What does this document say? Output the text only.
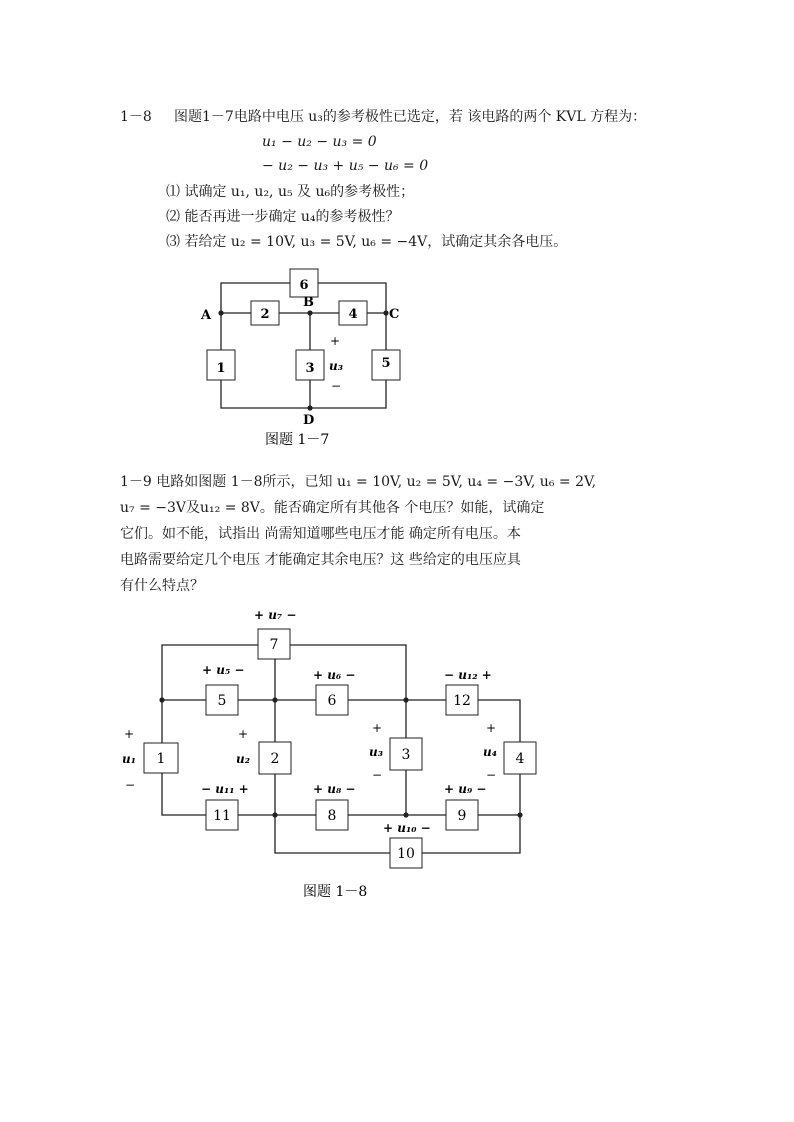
1－8 图题1－7电路中电压 u₃的参考极性已选定，若 该电路的两个 KVL 方程为：
u₁ − u₂ − u₃ = 0
− u₂ − u₃ + u₅ − u₆ = 0
⑴ 试确定 u₁, u₂, u₅ 及 u₆的参考极性；
⑵ 能否再进一步确定 u₄的参考极性？
⑶ 若给定 u₂ = 10V, u₃ = 5V, u₆ = −4V，试确定其余各电压。
6
2	4
1	3	5
A
B
C
D
+
u₃
−
图题 1－7
1－9 电路如图题 1－8所示，已知 u₁ = 10V, u₂ = 5V, u₄ = −3V, u₆ = 2V,
u₇ = −3V及u₁₂ = 8V。能否确定所有其他各 个电压？如能，试确定
它们。如不能，试指出 尚需知道哪些电压才能 确定所有电压。本
电路需要给定几个电压 才能确定其余电压？这 些给定的电压应具
有什么特点？
1	2	3	4
5	6
7
8	9
10
11
12
+ u₇ −
+ u₅ −	+ u₆ −	− u₁₂ +
− u₁₁ +	+ u₈ −	+ u₉ −
+ u₁₀ −
+
u₁
−
+
u₂
+
u₃
−
+
u₄
−
图题 1－8
